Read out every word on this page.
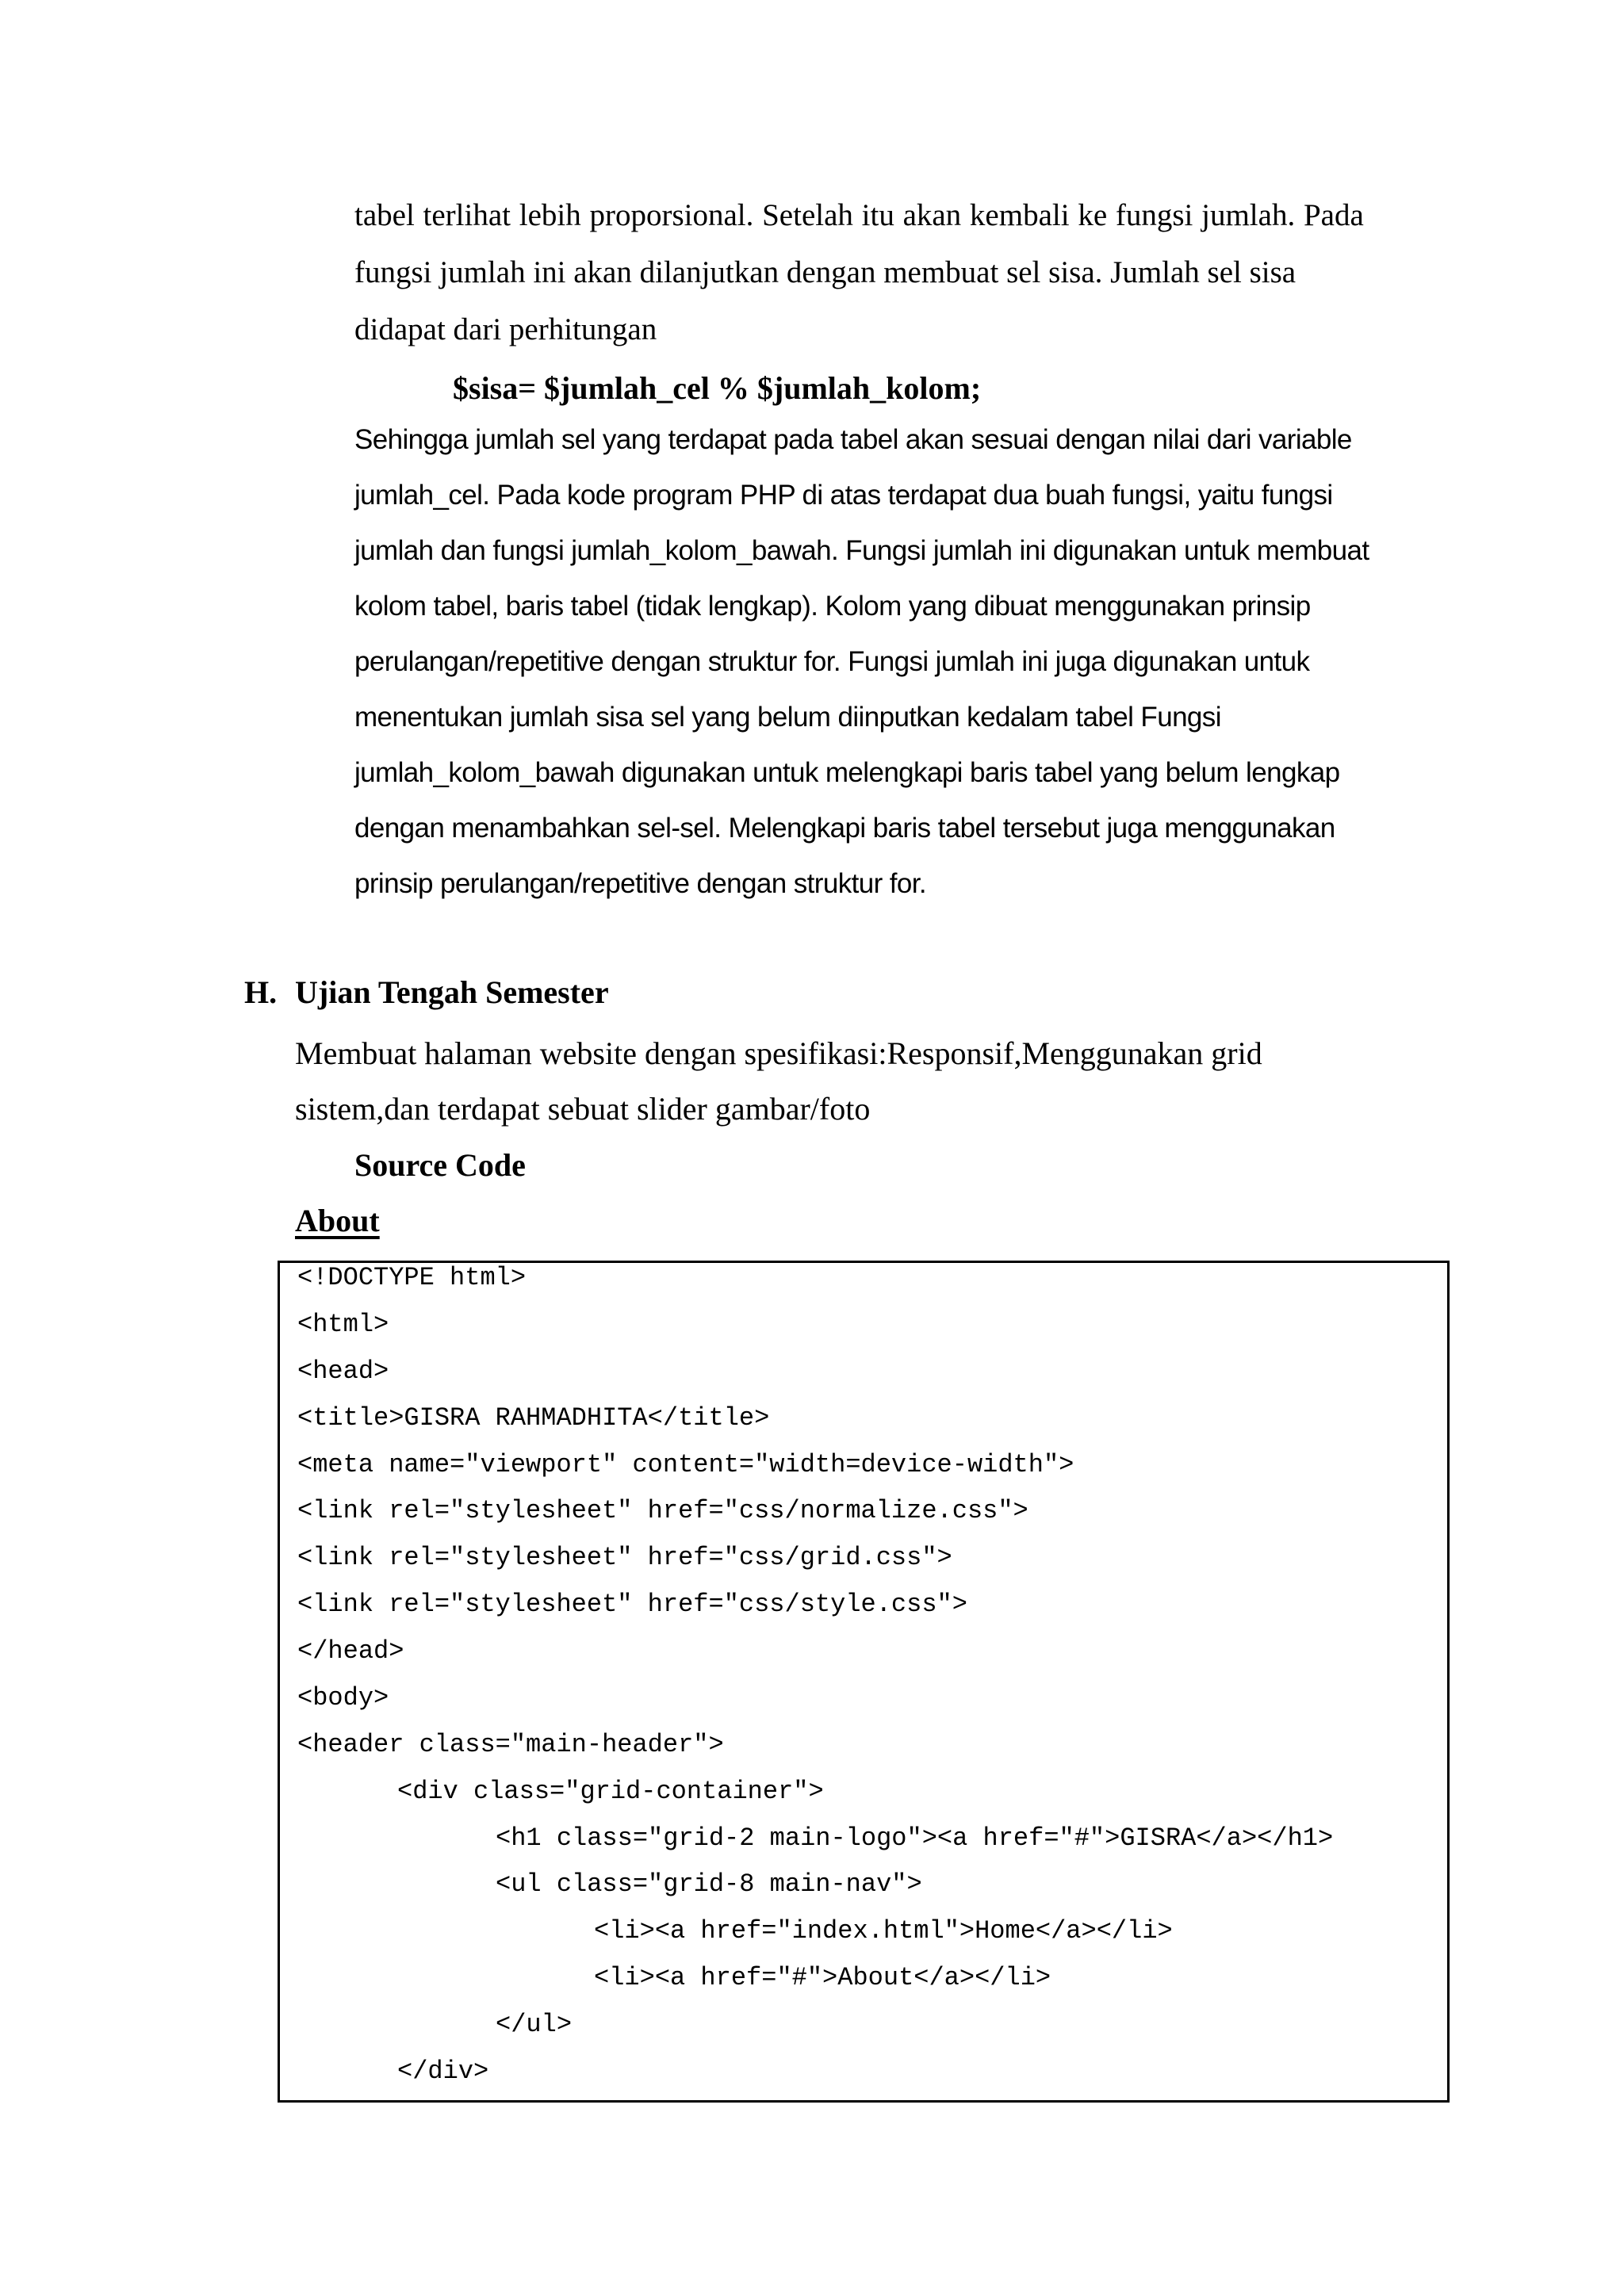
tabel terlihat lebih proporsional. Setelah itu akan kembali ke fungsi jumlah. Pada
fungsi jumlah ini akan dilanjutkan dengan membuat sel sisa. Jumlah sel sisa
didapat dari perhitungan
$sisa= $jumlah_cel % $jumlah_kolom;
Sehingga jumlah sel yang terdapat pada tabel akan sesuai dengan nilai dari variable
jumlah_cel. Pada kode program PHP di atas terdapat dua buah fungsi, yaitu fungsi
jumlah dan fungsi jumlah_kolom_bawah. Fungsi jumlah ini digunakan untuk membuat
kolom tabel, baris tabel (tidak lengkap). Kolom yang dibuat menggunakan prinsip
perulangan/repetitive dengan struktur for. Fungsi jumlah ini juga digunakan untuk
menentukan jumlah sisa sel yang belum diinputkan kedalam tabel Fungsi
jumlah_kolom_bawah digunakan untuk melengkapi baris tabel yang belum lengkap
dengan menambahkan sel-sel. Melengkapi baris tabel tersebut juga menggunakan
prinsip perulangan/repetitive dengan struktur for.
H. Ujian Tengah Semester
Membuat halaman website dengan spesifikasi:Responsif,Menggunakan grid
sistem,dan terdapat sebuat slider gambar/foto
Source Code
About
<!DOCTYPE html>
<html>
<head>
<title>GISRA RAHMADHITA</title>
<meta name="viewport" content="width=device-width">
<link rel="stylesheet" href="css/normalize.css">
<link rel="stylesheet" href="css/grid.css">
<link rel="stylesheet" href="css/style.css">
</head>
<body>
<header class="main-header">
<div class="grid-container">
<h1 class="grid-2 main-logo"><a href="#">GISRA</a></h1>
<ul class="grid-8 main-nav">
<li><a href="index.html">Home</a></li>
<li><a href="#">About</a></li>
</ul>
</div>
